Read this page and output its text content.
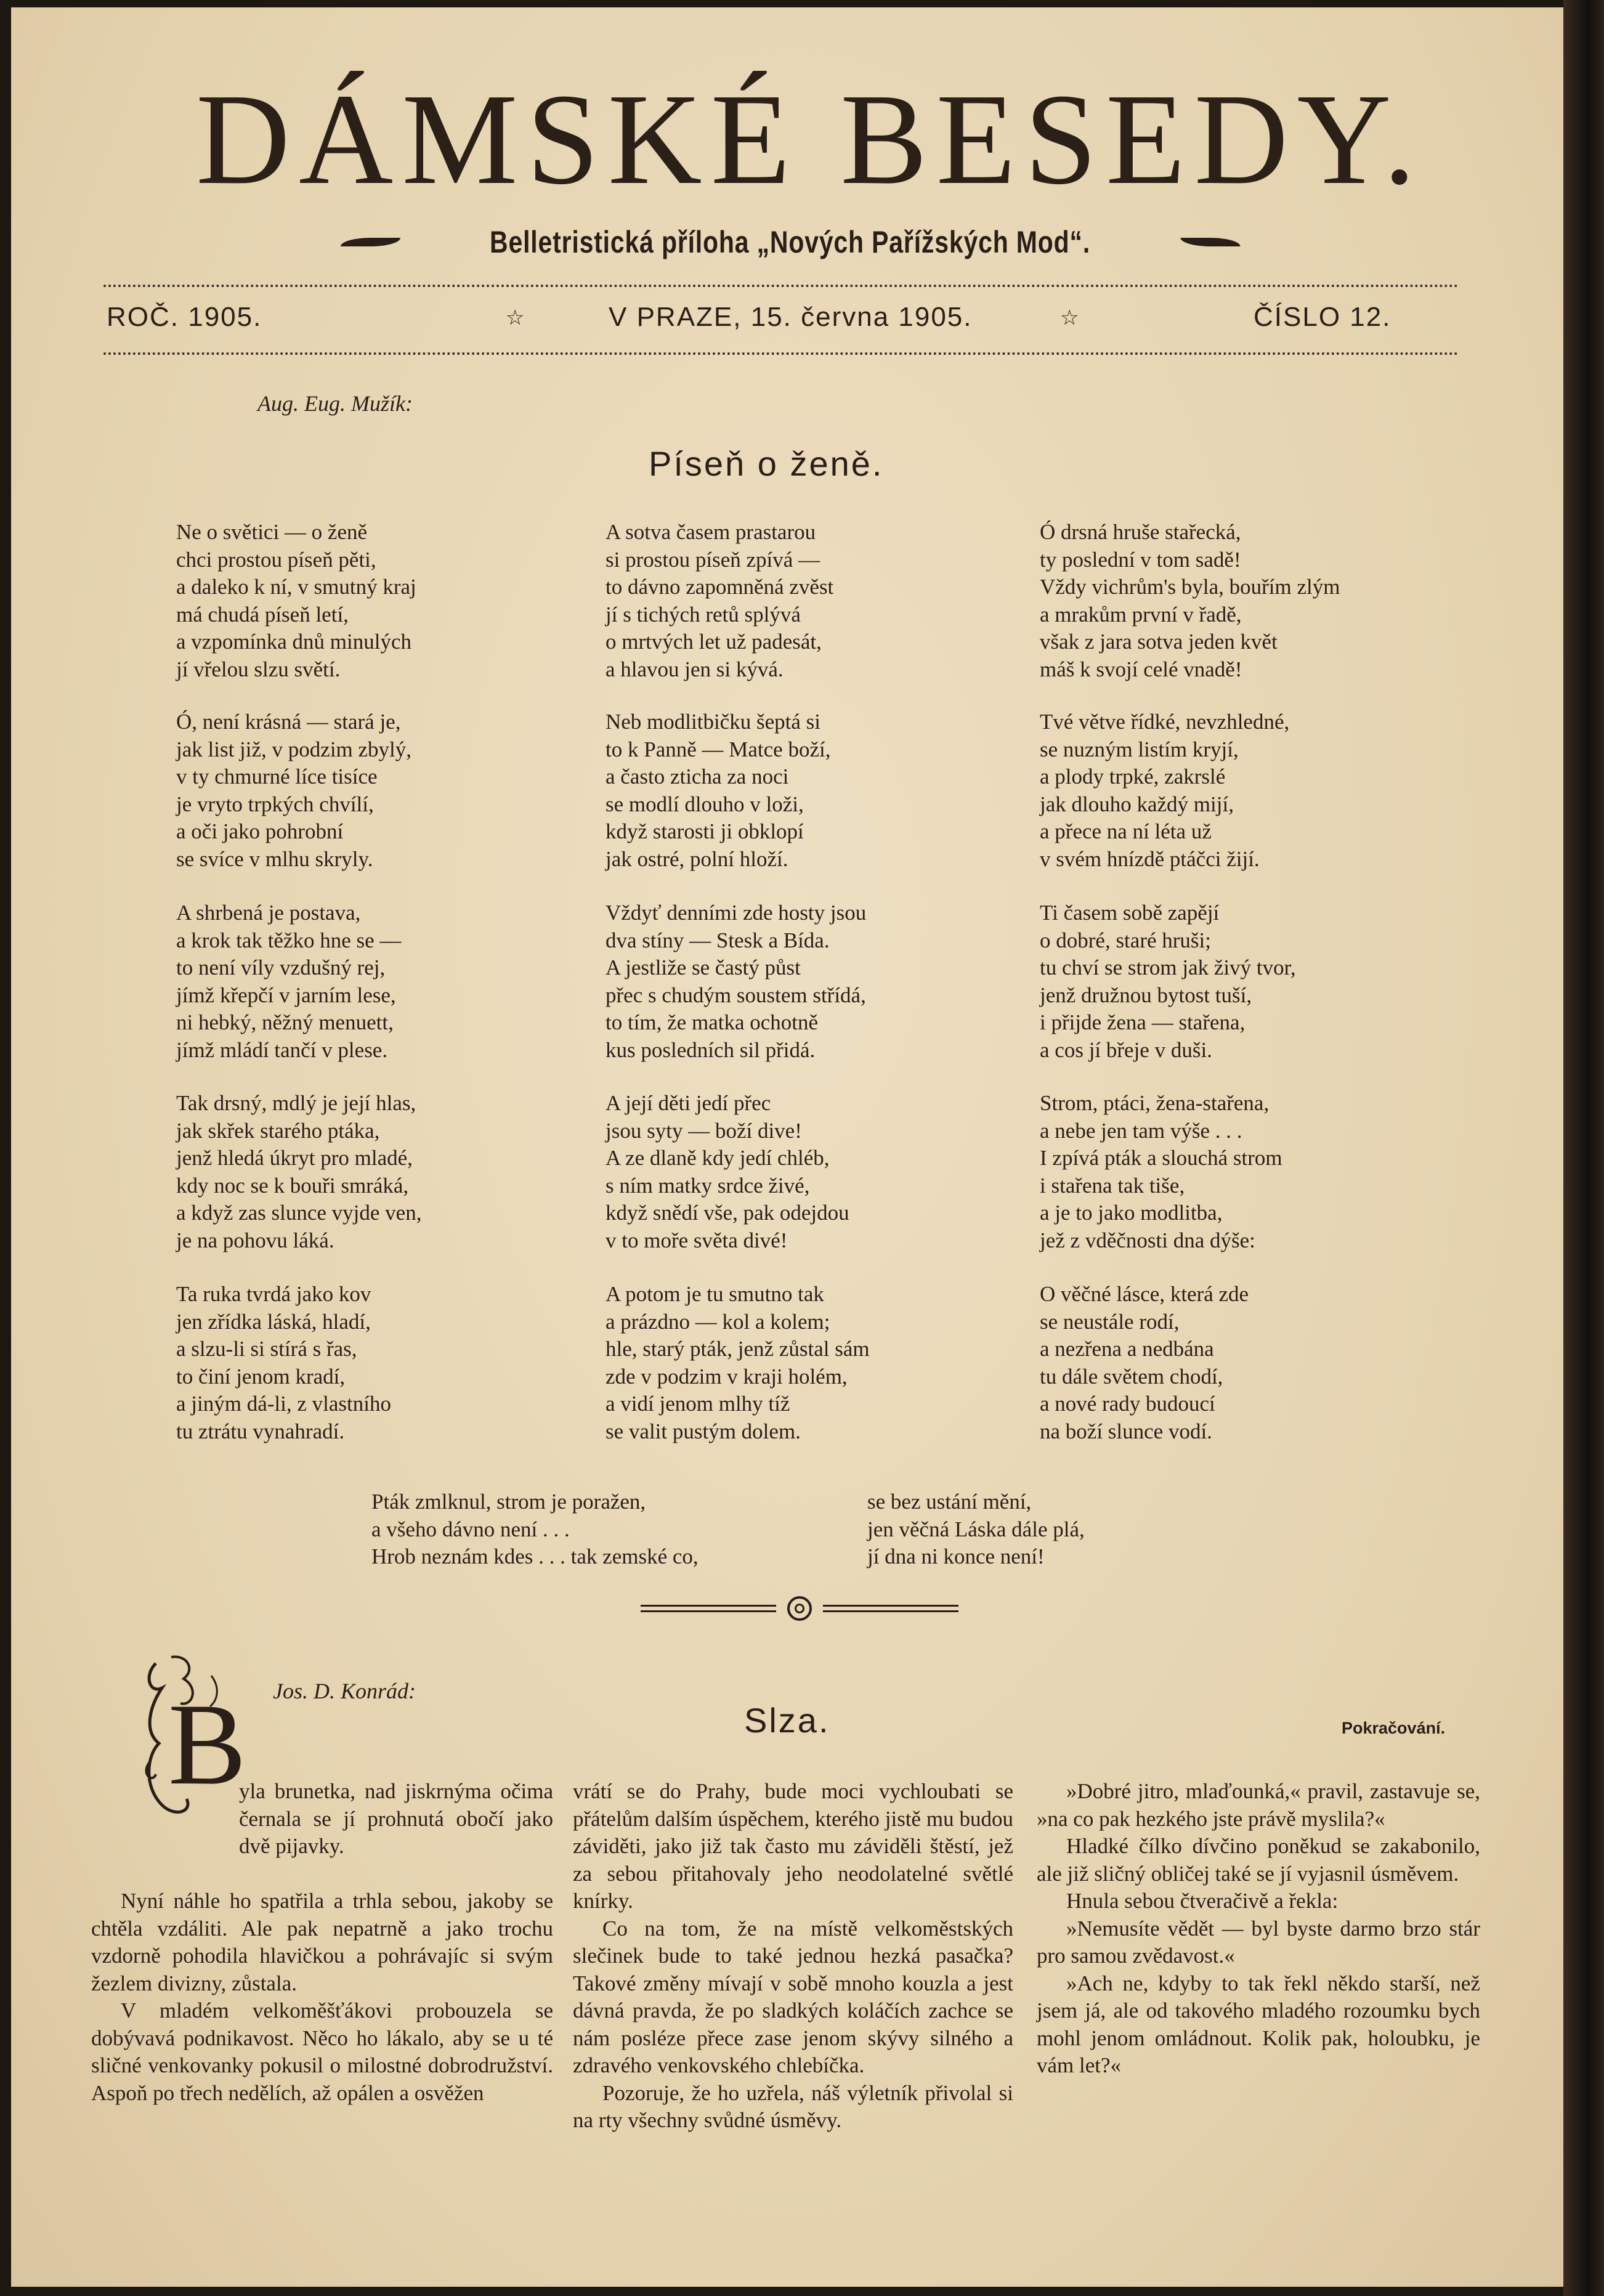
DÁMSKÉ BESEDY.
Belletristická příloha „Nových Pařížských Mod“.
ROČ. 1905.	☆	V PRAZE, 15. června 1905.	☆	ČÍSLO 12.
Aug. Eug. Mužík:
Píseň o ženě.
Ne o světici — o ženě
chci prostou píseň pěti,
a daleko k ní, v smutný kraj
má chudá píseň letí,
a vzpomínka dnů minulých
jí vřelou slzu světí.
Ó, není krásná — stará je,
jak list již, v podzim zbylý,
v ty chmurné líce tisíce
je vryto trpkých chvílí,
a oči jako pohrobní
se svíce v mlhu skryly.
A shrbená je postava,
a krok tak těžko hne se —
to není víly vzdušný rej,
jímž křepčí v jarním lese,
ni hebký, něžný menuett,
jímž mládí tančí v plese.
Tak drsný, mdlý je její hlas,
jak skřek starého ptáka,
jenž hledá úkryt pro mladé,
kdy noc se k bouři smráká,
a když zas slunce vyjde ven,
je na pohovu láká.
Ta ruka tvrdá jako kov
jen zřídka láská, hladí,
a slzu-li si stírá s řas,
to činí jenom kradí,
a jiným dá-li, z vlastního
tu ztrátu vynahradí.
A sotva časem prastarou
si prostou píseň zpívá —
to dávno zapomněná zvěst
jí s tichých retů splývá
o mrtvých let už padesát,
a hlavou jen si kývá.
Neb modlitbičku šeptá si
to k Panně — Matce boží,
a často zticha za noci
se modlí dlouho v loži,
když starosti ji obklopí
jak ostré, polní hloží.
Vždyť denními zde hosty jsou
dva stíny — Stesk a Bída.
A jestliže se častý půst
přec s chudým soustem střídá,
to tím, že matka ochotně
kus posledních sil přidá.
A její děti jedí přec
jsou syty — boží dive!
A ze dlaně kdy jedí chléb,
s ním matky srdce živé,
když snědí vše, pak odejdou
v to moře světa divé!
A potom je tu smutno tak
a prázdno — kol a kolem;
hle, starý pták, jenž zůstal sám
zde v podzim v kraji holém,
a vidí jenom mlhy tíž
se valit pustým dolem.
Ó drsná hruše stařecká,
ty poslední v tom sadě!
Vždy vichrům's byla, bouřím zlým
a mrakům první v řadě,
však z jara sotva jeden květ
máš k svojí celé vnadě!
Tvé větve řídké, nevzhledné,
se nuzným listím kryjí,
a plody trpké, zakrslé
jak dlouho každý mijí,
a přece na ní léta už
v svém hnízdě ptáčci žijí.
Ti časem sobě zapějí
o dobré, staré hruši;
tu chví se strom jak živý tvor,
jenž družnou bytost tuší,
i přijde žena — stařena,
a cos jí břeje v duši.
Strom, ptáci, žena-stařena,
a nebe jen tam výše . . .
I zpívá pták a slouchá strom
i stařena tak tiše,
a je to jako modlitba,
jež z vděčnosti dna dýše:
O věčné lásce, která zde
se neustále rodí,
a nezřena a nedbána
tu dále světem chodí,
a nové rady budoucí
na boží slunce vodí.
Pták zmlknul, strom je poražen,
a všeho dávno není . . .
Hrob neznám kdes . . . tak zemské co,
se bez ustání mění,
jen věčná Láska dále plá,
jí dna ni konce není!
B Jos. D. Konrád:
Slza.	Pokračování.

yla brunetka, nad jiskrnýma očima černala se jí prohnutá obočí jako dvě pijavky.

Nyní náhle ho spatřila a trhla sebou, jakoby se chtěla vzdáliti. Ale pak nepatrně a jako trochu vzdorně pohodila hlavičkou a pohrávajíc si svým žezlem divizny, zůstala.

V mladém velkoměšťákovi probouzela se dobývavá podnikavost. Něco ho lákalo, aby se u té sličné venkovanky pokusil o milostné dobrodružství. Aspoň po třech nedělích, až opálen a osvěžen

vrátí se do Prahy, bude moci vychloubati se přátelům dalším úspěchem, kterého jistě mu budou záviděti, jako již tak často mu záviděli štěstí, jež za sebou přitahovaly jeho neodolatelné světlé knírky.

Co na tom, že na místě velkoměstských slečinek bude to také jednou hezká pasačka? Takové změny mívají v sobě mnoho kouzla a jest dávná pravda, že po sladkých koláčích zachce se nám posléze přece zase jenom skývy silného a zdravého venkovského chlebíčka.

Pozoruje, že ho uzřela, náš výletník přivolal si na rty všechny svůdné úsměvy.

»Dobré jitro, mlaďounká,« pravil, zastavuje se, »na co pak hezkého jste právě myslila?«

Hladké čílko dívčino poněkud se zakabonilo, ale již sličný obličej také se jí vyjasnil úsměvem.

Hnula sebou čtveračivě a řekla:

»Nemusíte vědět — byl byste darmo brzo stár pro samou zvědavost.«

»Ach ne, kdyby to tak řekl někdo starší, než jsem já, ale od takového mladého rozoumku bych mohl jenom omládnout. Kolik pak, holoubku, je vám let?«
